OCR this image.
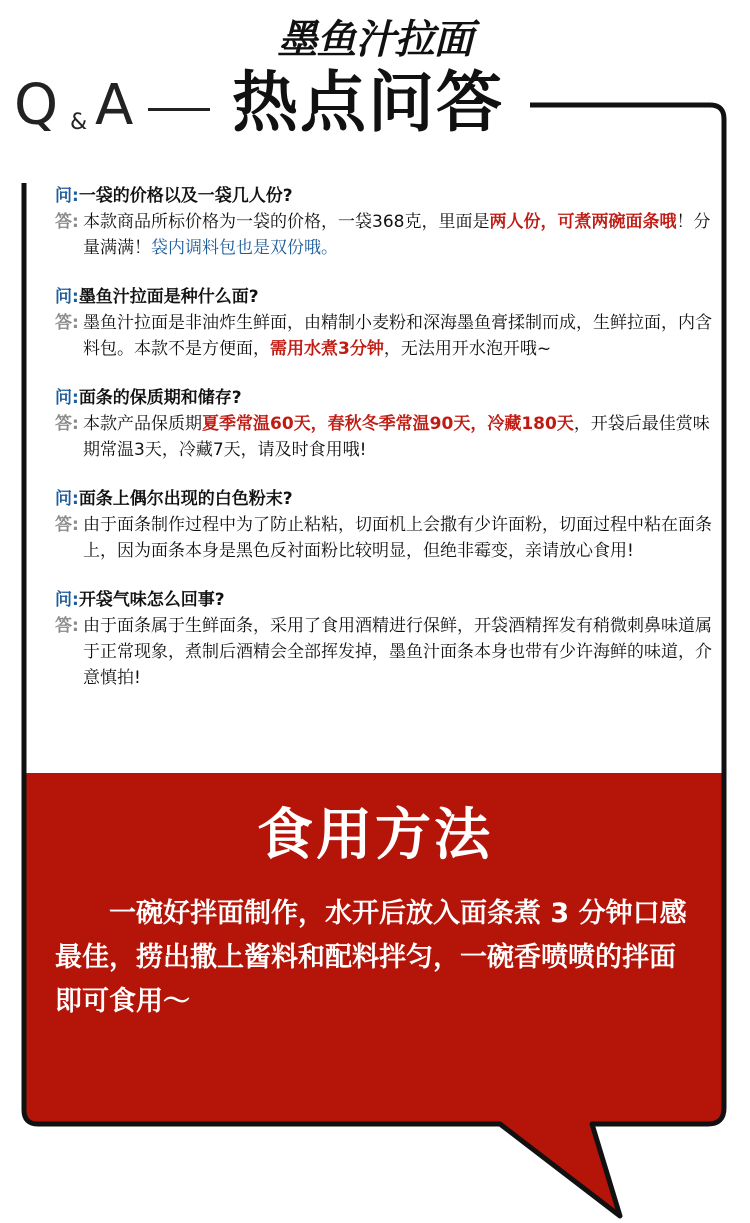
墨鱼汁拉面
Q & A 热点问答
问:一袋的价格以及一袋几人份?
答: 本款商品所标价格为一袋的价格，一袋368克，里面是两人份，可煮两碗面条哦！分量满满！袋内调料包也是双份哦。
问:墨鱼汁拉面是种什么面?
答: 墨鱼汁拉面是非油炸生鲜面，由精制小麦粉和深海墨鱼膏揉制而成，生鲜拉面，内含料包。本款不是方便面，需用水煮3分钟，无法用开水泡开哦~
问:面条的保质期和储存?
答: 本款产品保质期夏季常温60天，春秋冬季常温90天，冷藏180天，开袋后最佳赏味期常温3天，冷藏7天，请及时食用哦!
问:面条上偶尔出现的白色粉末?
答: 由于面条制作过程中为了防止粘粘，切面机上会撒有少许面粉，切面过程中粘在面条上，因为面条本身是黑色反衬面粉比较明显，但绝非霉变，亲请放心食用!
问:开袋气味怎么回事?
答: 由于面条属于生鲜面条，采用了食用酒精进行保鲜，开袋酒精挥发有稍微刺鼻味道属于正常现象，煮制后酒精会全部挥发掉，墨鱼汁面条本身也带有少许海鲜的味道，介意慎拍!
食用方法
一碗好拌面制作，水开后放入面条煮 3 分钟口感最佳，捞出撒上酱料和配料拌匀，一碗香喷喷的拌面即可食用～
